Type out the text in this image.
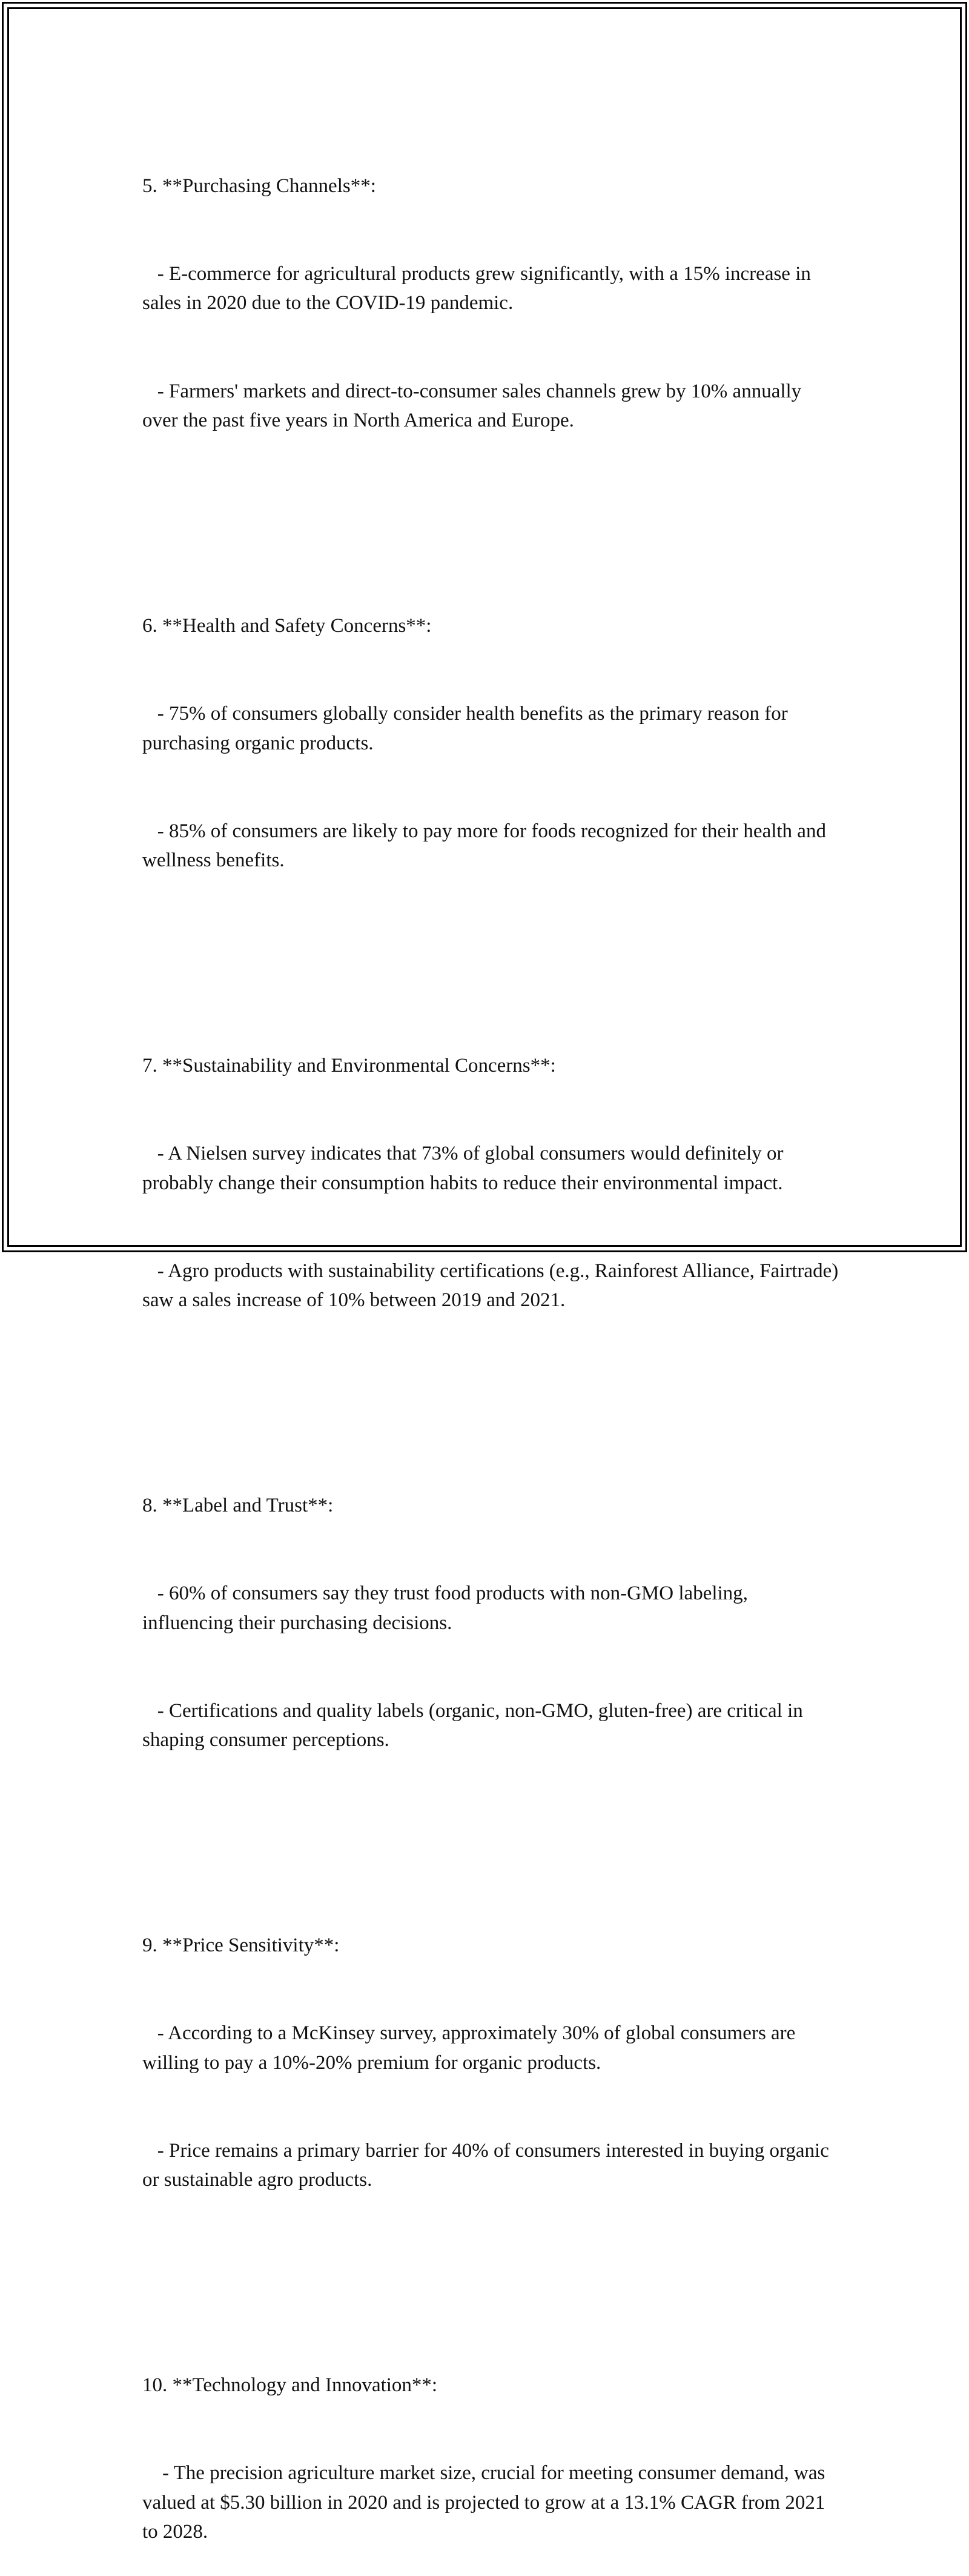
5. **Purchasing Channels**:

- E-commerce for agricultural products grew significantly, with a 15% increase in sales in 2020 due to the COVID-19 pandemic.

- Farmers' markets and direct-to-consumer sales channels grew by 10% annually over the past five years in North America and Europe.

6. **Health and Safety Concerns**:

- 75% of consumers globally consider health benefits as the primary reason for purchasing organic products.

- 85% of consumers are likely to pay more for foods recognized for their health and wellness benefits.

7. **Sustainability and Environmental Concerns**:

- A Nielsen survey indicates that 73% of global consumers would definitely or probably change their consumption habits to reduce their environmental impact.

- Agro products with sustainability certifications (e.g., Rainforest Alliance, Fairtrade) saw a sales increase of 10% between 2019 and 2021.

8. **Label and Trust**:

- 60% of consumers say they trust food products with non-GMO labeling, influencing their purchasing decisions.

- Certifications and quality labels (organic, non-GMO, gluten-free) are critical in shaping consumer perceptions.

9. **Price Sensitivity**:

- According to a McKinsey survey, approximately 30% of global consumers are willing to pay a 10%-20% premium for organic products.

- Price remains a primary barrier for 40% of consumers interested in buying organic or sustainable agro products.

10. **Technology and Innovation**:

- The precision agriculture market size, crucial for meeting consumer demand, was valued at $5.30 billion in 2020 and is projected to grow at a 13.1% CAGR from 2021 to 2028.
